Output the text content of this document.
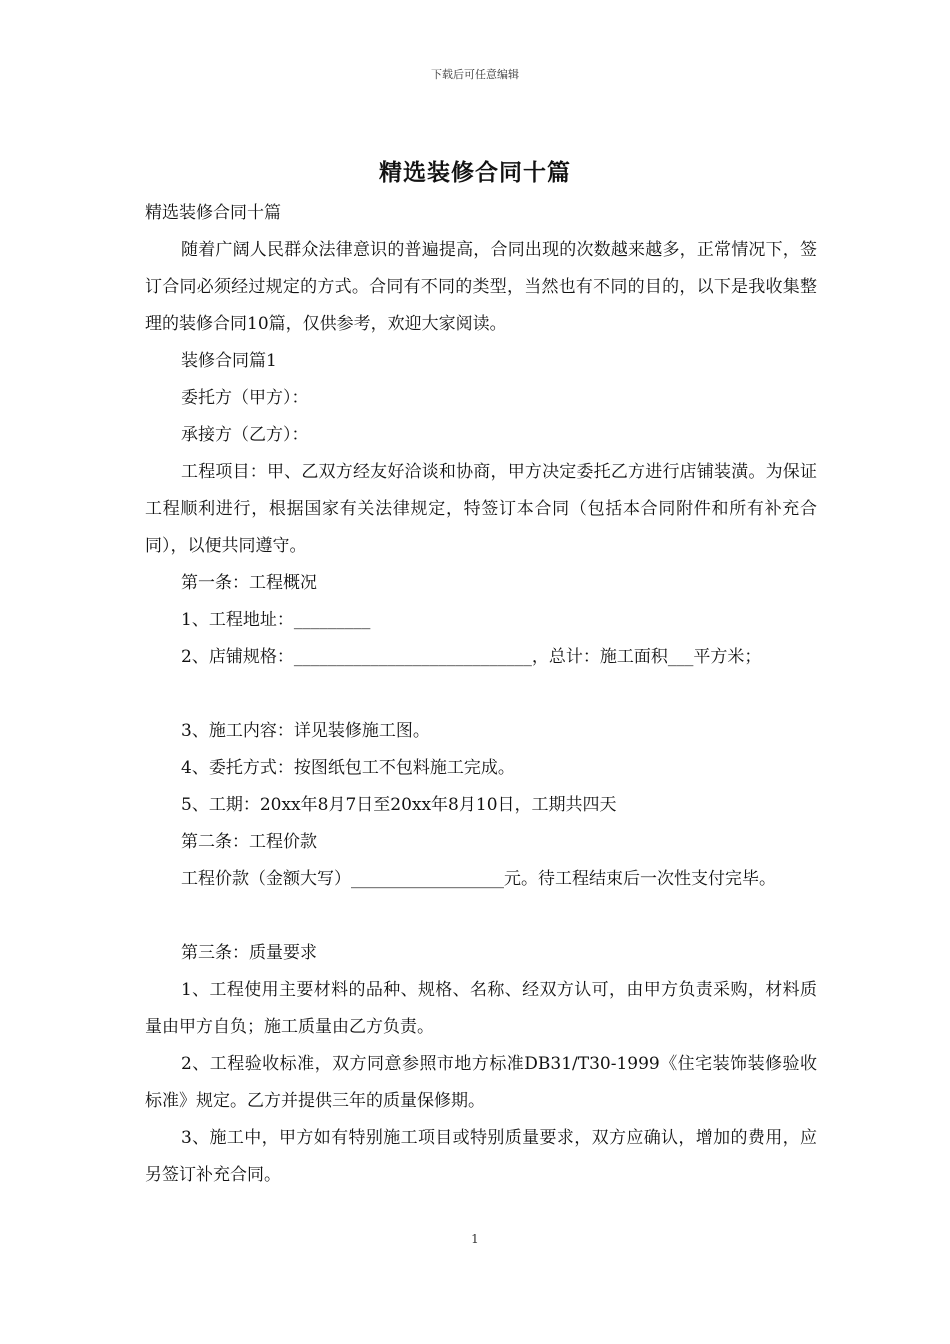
下载后可任意编辑
精选装修合同十篇
精选装修合同十篇
随着广阔人民群众法律意识的普遍提高，合同出现的次数越来越多，正常情况下，签订合同必须经过规定的方式。合同有不同的类型，当然也有不同的目的，以下是我收集整理的装修合同10篇，仅供参考，欢迎大家阅读。
装修合同篇1
委托方（甲方）：
承接方（乙方）：
工程项目：甲、乙双方经友好洽谈和协商，甲方决定委托乙方进行店铺装潢。为保证工程顺利进行，根据国家有关法律规定，特签订本合同（包括本合同附件和所有补充合同），以便共同遵守。
第一条：工程概况
1、工程地址：_________
2、店铺规格：____________________________，总计：施工面积___平方米；
3、施工内容：详见装修施工图。
4、委托方式：按图纸包工不包料施工完成。
5、工期：20xx年8月7日至20xx年8月10日，工期共四天
第二条：工程价款
工程价款（金额大写）__________________元。待工程结束后一次性支付完毕。
第三条：质量要求
1、工程使用主要材料的品种、规格、名称、经双方认可，由甲方负责采购，材料质量由甲方自负；施工质量由乙方负责。
2、工程验收标准，双方同意参照市地方标准DB31/T30-1999《住宅装饰装修验收标准》规定。乙方并提供三年的质量保修期。
3、施工中，甲方如有特别施工项目或特别质量要求，双方应确认，增加的费用，应另签订补充合同。
1
